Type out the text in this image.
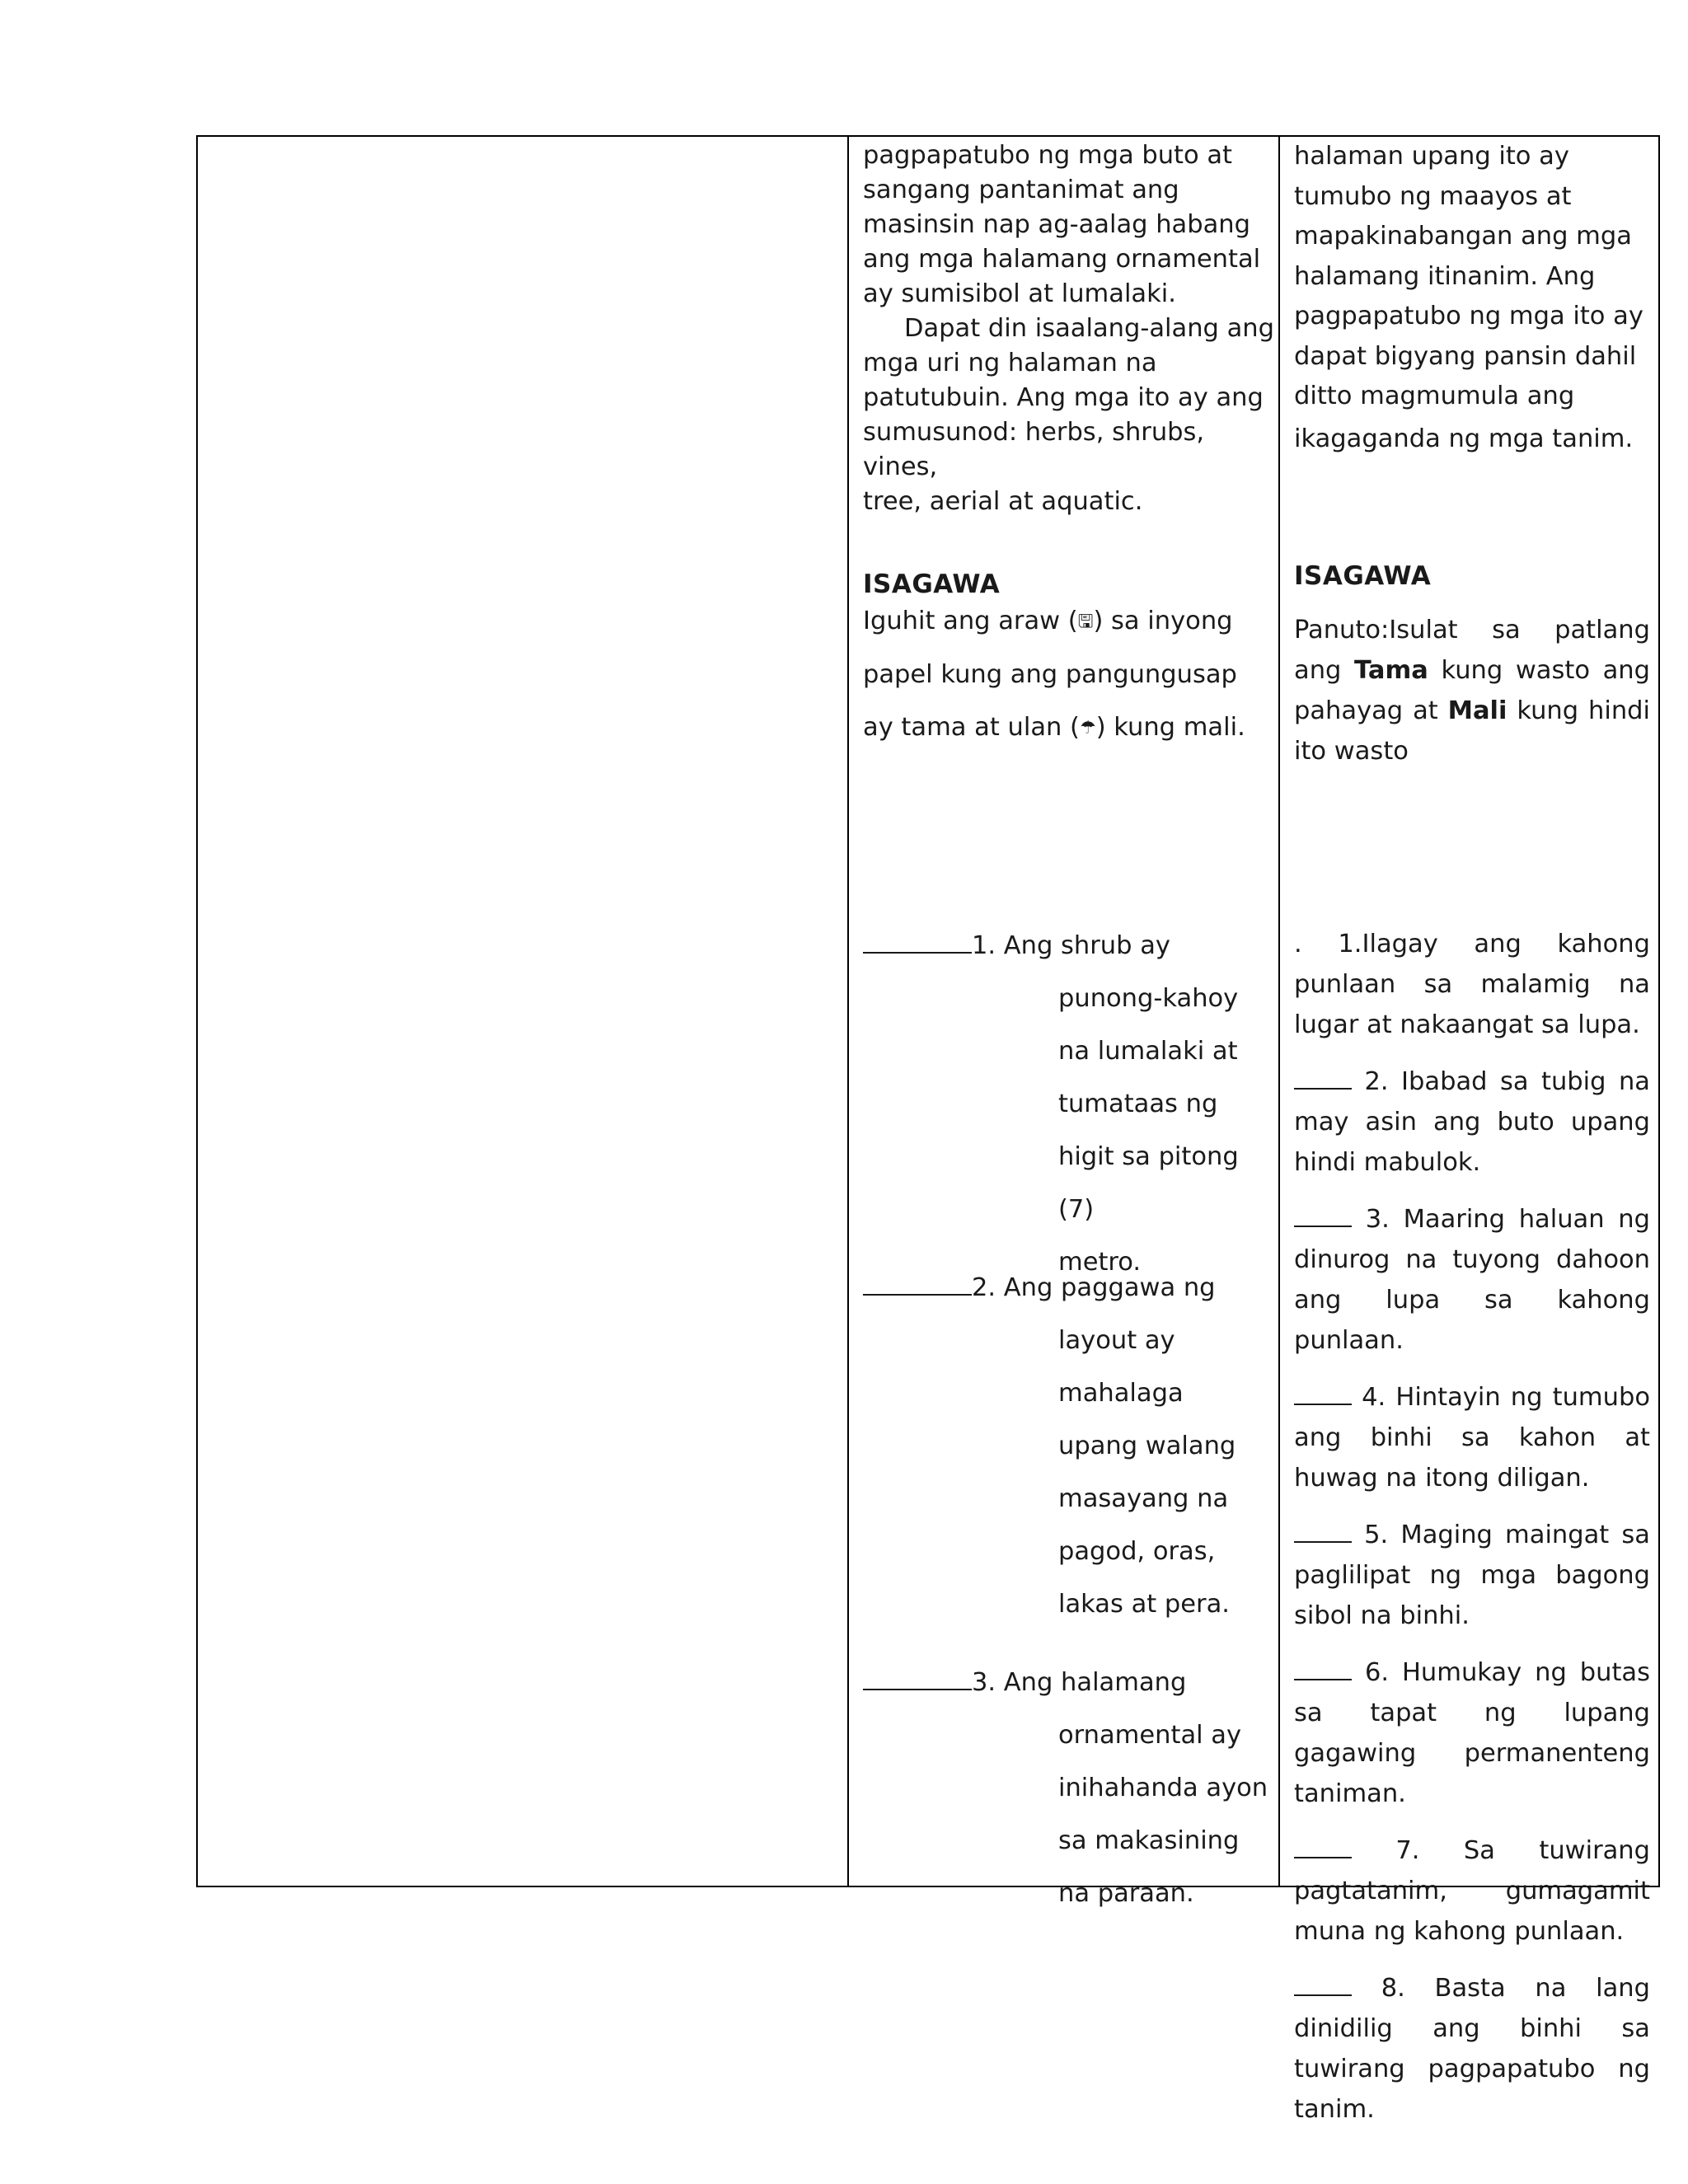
pagpapatubo ng mga buto at

sangang pantanimat ang

masinsin nap ag-aalag habang

ang mga halamang ornamental

ay sumisibol at lumalaki.

Dapat din isaalang-alang ang

mga uri ng halaman na

patutubuin. Ang mga ito ay ang

sumusunod: herbs, shrubs, vines,

tree, aerial at aquatic.

ISAGAWA

Iguhit ang araw (🖫) sa inyong

papel kung ang pangungusap

ay tama at ulan (☂) kung mali.

1. Ang shrub ay

punong-kahoy

na lumalaki at

tumataas ng

higit sa pitong (7)

metro.

2. Ang paggawa ng

layout ay

mahalaga

upang walang

masayang na

pagod, oras,

lakas at pera.

3. Ang halamang

ornamental ay

inihahanda ayon

sa makasining

na paraan.

halaman upang ito ay

tumubo ng maayos at

mapakinabangan ang mga

halamang itinanim. Ang

pagpapatubo ng mga ito ay

dapat bigyang pansin dahil

ditto magmumula ang

ikagaganda ng mga tanim.

ISAGAWA

Panuto:Isulat sa patlang ang Tama kung wasto ang pahayag at Mali kung hindi ito wasto

. 1.Ilagay ang kahong punlaan sa malamig na lugar at nakaangat sa lupa.

2. Ibabad sa tubig na may asin ang buto upang hindi mabulok.

3. Maaring haluan ng dinurog na tuyong dahoon ang lupa sa kahong punlaan.

4. Hintayin ng tumubo ang binhi sa kahon at huwag na itong diligan.

5. Maging maingat sa paglilipat ng mga bagong sibol na binhi.

6. Humukay ng butas sa tapat ng lupang gagawing permanenteng taniman.

7. Sa tuwirang pagtatanim, gumagamit muna ng kahong punlaan.

8. Basta na lang dinidilig ang binhi sa tuwirang pagpapatubo ng tanim.
